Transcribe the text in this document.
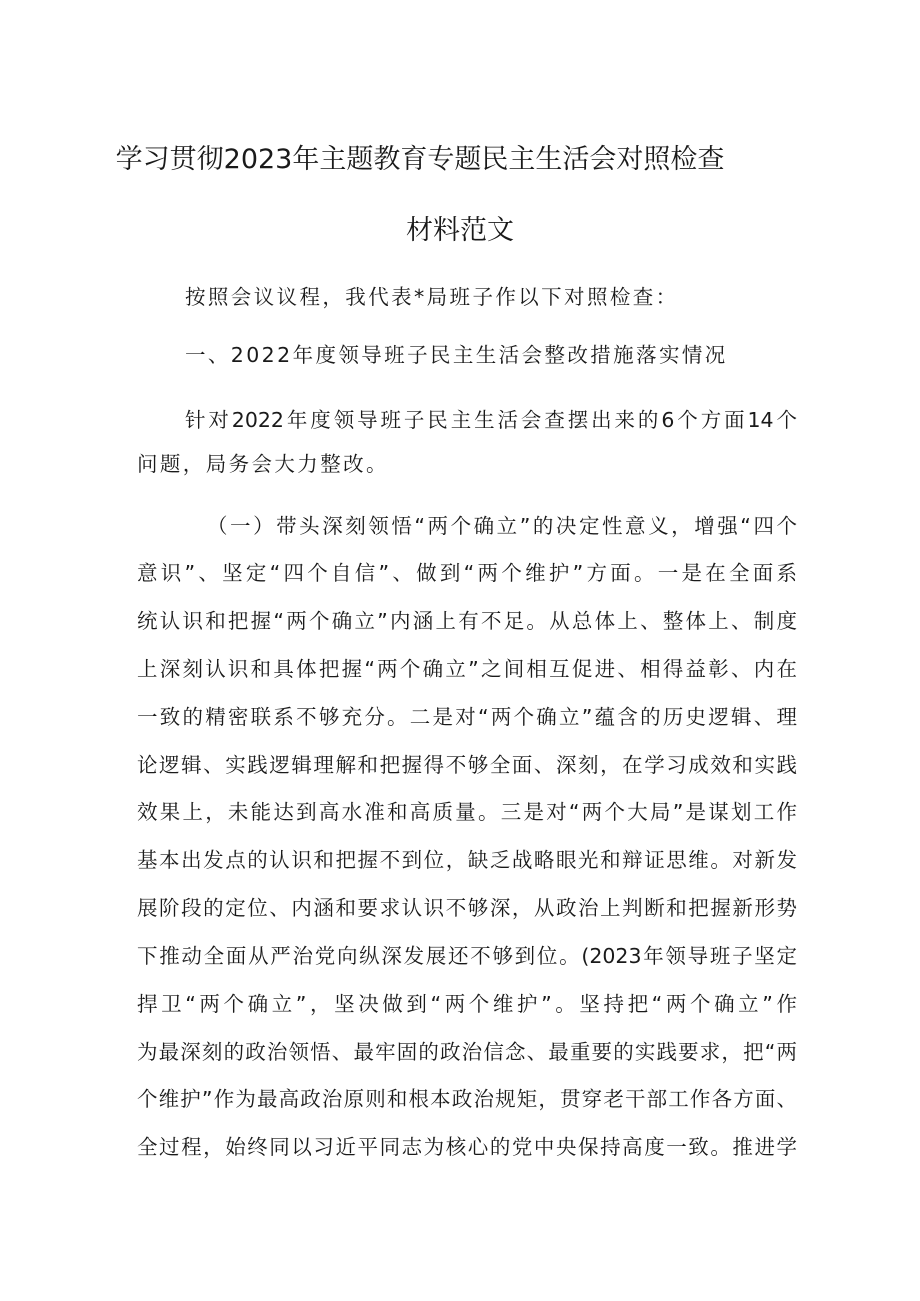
学习贯彻2023年主题教育专题民主生活会对照检查
材料范文
按照会议议程，我代表*局班子作以下对照检查：
一、2022年度领导班子民主生活会整改措施落实情况
针对2022年度领导班子民主生活会查摆出来的6个方面14个
问题，局务会大力整改。
（一）带头深刻领悟“两个确立”的决定性意义，增强“四个
意识”、坚定“四个自信”、做到“两个维护”方面。一是在全面系
统认识和把握“两个确立”内涵上有不足。从总体上、整体上、制度
上深刻认识和具体把握“两个确立”之间相互促进、相得益彰、内在
一致的精密联系不够充分。二是对“两个确立”蕴含的历史逻辑、理
论逻辑、实践逻辑理解和把握得不够全面、深刻，在学习成效和实践
效果上，未能达到高水准和高质量。三是对“两个大局”是谋划工作
基本出发点的认识和把握不到位，缺乏战略眼光和辩证思维。对新发
展阶段的定位、内涵和要求认识不够深，从政治上判断和把握新形势
下推动全面从严治党向纵深发展还不够到位。(2023年领导班子坚定
捍卫“两个确立”，坚决做到“两个维护”。坚持把“两个确立”作
为最深刻的政治领悟、最牢固的政治信念、最重要的实践要求，把“两
个维护”作为最高政治原则和根本政治规矩，贯穿老干部工作各方面、
全过程，始终同以习近平同志为核心的党中央保持高度一致。推进学
